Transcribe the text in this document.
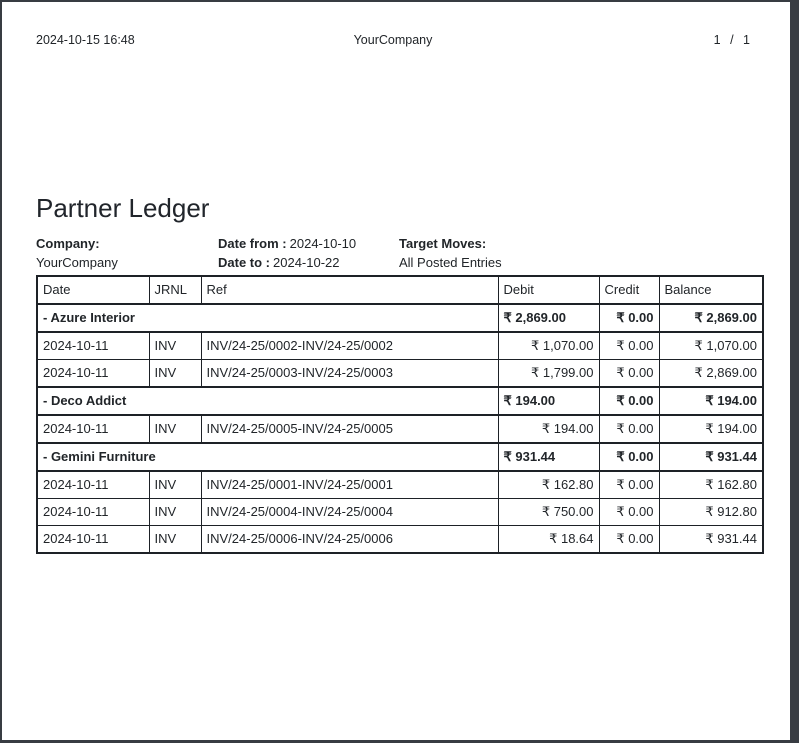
2024-10-15 16:48	YourCompany	1 / 1
Partner Ledger
Company:
YourCompany
Date from : 2024-10-10
Date to : 2024-10-22
Target Moves:
All Posted Entries
Date	JRNL	Ref	Debit	Credit	Balance
- Azure Interior			₹ 2,869.00	₹ 0.00	₹ 2,869.00
2024-10-11	INV	INV/24-25/0002-INV/24-25/0002	₹ 1,070.00	₹ 0.00	₹ 1,070.00
2024-10-11	INV	INV/24-25/0003-INV/24-25/0003	₹ 1,799.00	₹ 0.00	₹ 2,869.00
- Deco Addict			₹ 194.00	₹ 0.00	₹ 194.00
2024-10-11	INV	INV/24-25/0005-INV/24-25/0005	₹ 194.00	₹ 0.00	₹ 194.00
- Gemini Furniture			₹ 931.44	₹ 0.00	₹ 931.44
2024-10-11	INV	INV/24-25/0001-INV/24-25/0001	₹ 162.80	₹ 0.00	₹ 162.80
2024-10-11	INV	INV/24-25/0004-INV/24-25/0004	₹ 750.00	₹ 0.00	₹ 912.80
2024-10-11	INV	INV/24-25/0006-INV/24-25/0006	₹ 18.64	₹ 0.00	₹ 931.44
